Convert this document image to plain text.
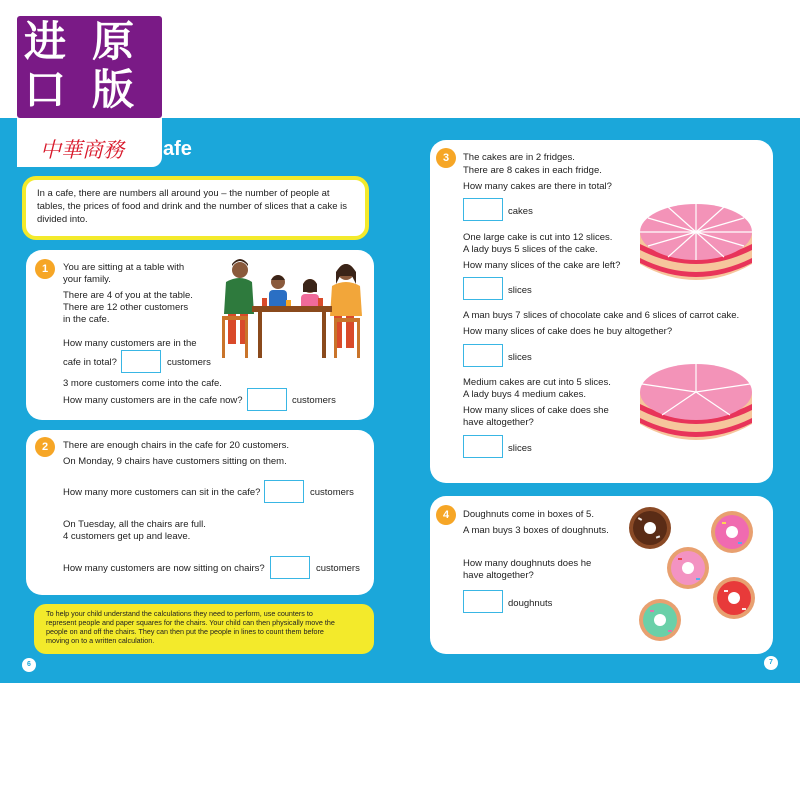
afe
In a cafe, there are numbers all around you – the number of people at
tables, the prices of food and drink and the number of slices that a cake is
divided into.
1	You are sitting at a table with
your family.
There are 4 of you at the table.
There are 12 other customers
in the cafe.
How many customers are in the
cafe in total?	customers
3 more customers come into the cafe.
How many customers are in the cafe now?	customers
2	There are enough chairs in the cafe for 20 customers.
On Monday, 9 chairs have customers sitting on them.
How many more customers can sit in the cafe?	customers
On Tuesday, all the chairs are full.
4 customers get up and leave.
How many customers are now sitting on chairs?	customers
To help your child understand the calculations they need to perform, use counters to
represent people and paper squares for the chairs. Your child can then physically move the
people on and off the chairs. They can then put the people in lines to count them before
moving on to a written calculation.
6	7
3	The cakes are in 2 fridges.
There are 8 cakes in each fridge.
How many cakes are there in total?
cakes
One large cake is cut into 12 slices.
A lady buys 5 slices of the cake.
How many slices of the cake are left?
slices
A man buys 7 slices of chocolate cake and 6 slices of carrot cake.
How many slices of cake does he buy altogether?
slices
Medium cakes are cut into 5 slices.
A lady buys 4 medium cakes.
How many slices of cake does she
have altogether?
slices
4	Doughnuts come in boxes of 5.
A man buys 3 boxes of doughnuts.
How many doughnuts does he
have altogether?
doughnuts
进 原
口 版
中華商務
